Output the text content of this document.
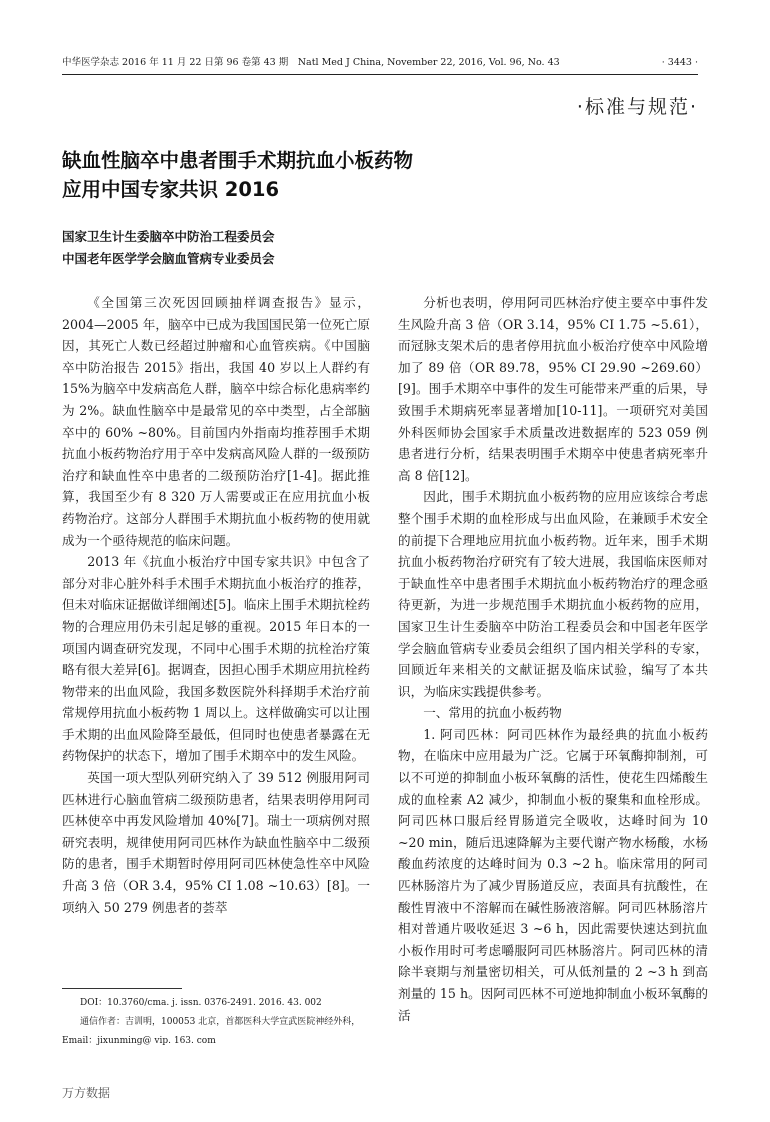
中华医学杂志 2016 年 11 月 22 日第 96 卷第 43 期　Natl Med J China, November 22, 2016, Vol. 96, No. 43	· 3443 ·
·标准与规范·
缺血性脑卒中患者围手术期抗血小板药物
应用中国专家共识 2016
国家卫生计生委脑卒中防治工程委员会
中国老年医学学会脑血管病专业委员会

《全国第三次死因回顾抽样调查报告》显示，2004—2005 年，脑卒中已成为我国国民第一位死亡原因，其死亡人数已经超过肿瘤和心血管疾病。《中国脑卒中防治报告 2015》指出，我国 40 岁以上人群约有 15%为脑卒中发病高危人群，脑卒中综合标化患病率约为 2%。缺血性脑卒中是最常见的卒中类型，占全部脑卒中的 60% ~80%。目前国内外指南均推荐围手术期抗血小板药物治疗用于卒中发病高风险人群的一级预防治疗和缺血性卒中患者的二级预防治疗[1-4]。据此推算，我国至少有 8 320 万人需要或正在应用抗血小板药物治疗。这部分人群围手术期抗血小板药物的使用就成为一个亟待规范的临床问题。

2013 年《抗血小板治疗中国专家共识》中包含了部分对非心脏外科手术围手术期抗血小板治疗的推荐，但未对临床证据做详细阐述[5]。临床上围手术期抗栓药物的合理应用仍未引起足够的重视。2015 年日本的一项国内调查研究发现，不同中心围手术期的抗栓治疗策略有很大差异[6]。据调查，因担心围手术期应用抗栓药物带来的出血风险，我国多数医院外科择期手术治疗前常规停用抗血小板药物 1 周以上。这样做确实可以让围手术期的出血风险降至最低，但同时也使患者暴露在无药物保护的状态下，增加了围手术期卒中的发生风险。

英国一项大型队列研究纳入了 39 512 例服用阿司匹林进行心脑血管病二级预防患者，结果表明停用阿司匹林使卒中再发风险增加 40%[7]。瑞士一项病例对照研究表明，规律使用阿司匹林作为缺血性脑卒中二级预防的患者，围手术期暂时停用阿司匹林使急性卒中风险升高 3 倍（OR 3.4，95% CI 1.08 ~10.63）[8]。一项纳入 50 279 例患者的荟萃

分析也表明，停用阿司匹林治疗使主要卒中事件发生风险升高 3 倍（OR 3.14，95% CI 1.75 ~5.61），而冠脉支架术后的患者停用抗血小板治疗使卒中风险增加了 89 倍（OR 89.78，95% CI 29.90 ~269.60）[9]。围手术期卒中事件的发生可能带来严重的后果，导致围手术期病死率显著增加[10-11]。一项研究对美国外科医师协会国家手术质量改进数据库的 523 059 例患者进行分析，结果表明围手术期卒中使患者病死率升高 8 倍[12]。

因此，围手术期抗血小板药物的应用应该综合考虑整个围手术期的血栓形成与出血风险，在兼顾手术安全的前提下合理地应用抗血小板药物。近年来，围手术期抗血小板药物治疗研究有了较大进展，我国临床医师对于缺血性卒中患者围手术期抗血小板药物治疗的理念亟待更新，为进一步规范围手术期抗血小板药物的应用，国家卫生计生委脑卒中防治工程委员会和中国老年医学学会脑血管病专业委员会组织了国内相关学科的专家，回顾近年来相关的文献证据及临床试验，编写了本共识，为临床实践提供参考。

一、常用的抗血小板药物

1. 阿司匹林：阿司匹林作为最经典的抗血小板药物，在临床中应用最为广泛。它属于环氧酶抑制剂，可以不可逆的抑制血小板环氧酶的活性，使花生四烯酸生成的血栓素 A2 减少，抑制血小板的聚集和血栓形成。阿司匹林口服后经胃肠道完全吸收，达峰时间为 10 ~20 min，随后迅速降解为主要代谢产物水杨酸，水杨酸血药浓度的达峰时间为 0.3 ~2 h。临床常用的阿司匹林肠溶片为了减少胃肠道反应，表面具有抗酸性，在酸性胃液中不溶解而在碱性肠液溶解。阿司匹林肠溶片相对普通片吸收延迟 3 ~6 h，因此需要快速达到抗血小板作用时可考虑嚼服阿司匹林肠溶片。阿司匹林的清除半衰期与剂量密切相关，可从低剂量的 2 ~3 h 到高剂量的 15 h。因阿司匹林不可逆地抑制血小板环氧酶的活

DOI：10.3760/cma. j. issn. 0376-2491. 2016. 43. 002
通信作者：吉训明，100053 北京，首都医科大学宣武医院神经外科，Email：jixunming@ vip. 163. com
万方数据
